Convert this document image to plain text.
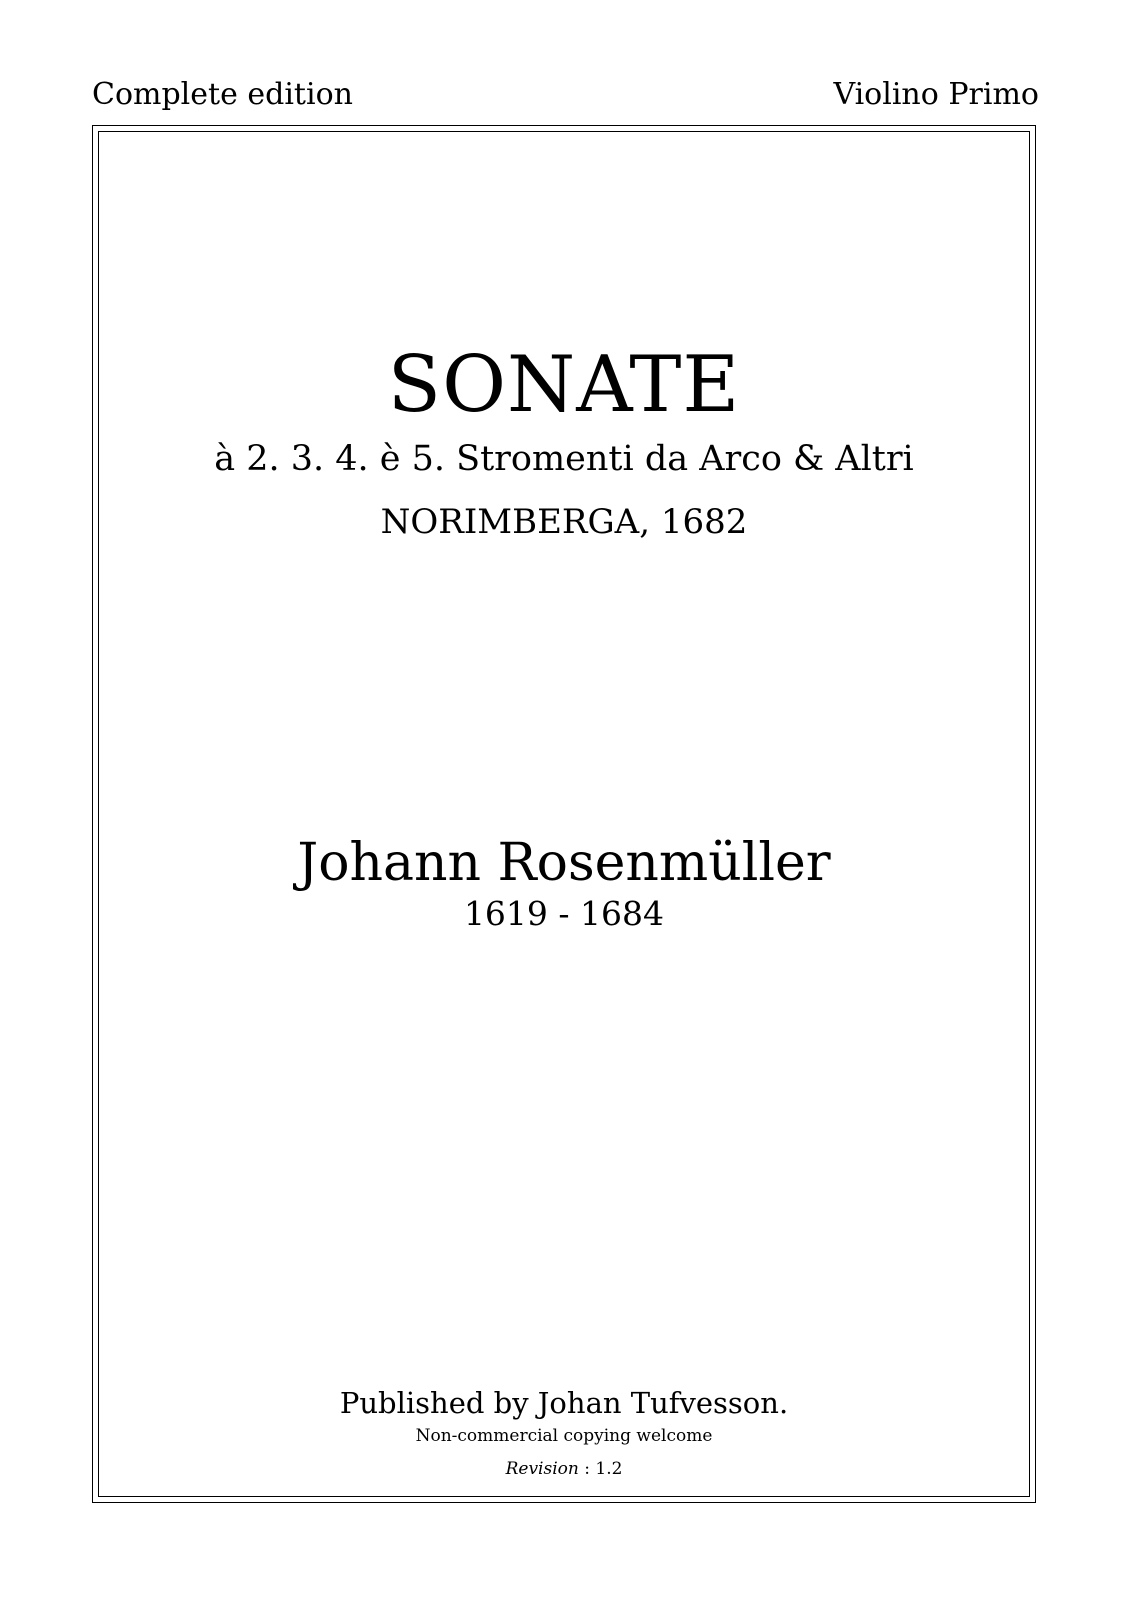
Complete edition	Violino Primo
SONATE
à 2. 3. 4. è 5. Stromenti da Arco & Altri
NORIMBERGA, 1682
Johann Rosenmüller
1619 - 1684
Published by Johan Tufvesson.
Non-commercial copying welcome
Revision : 1.2
